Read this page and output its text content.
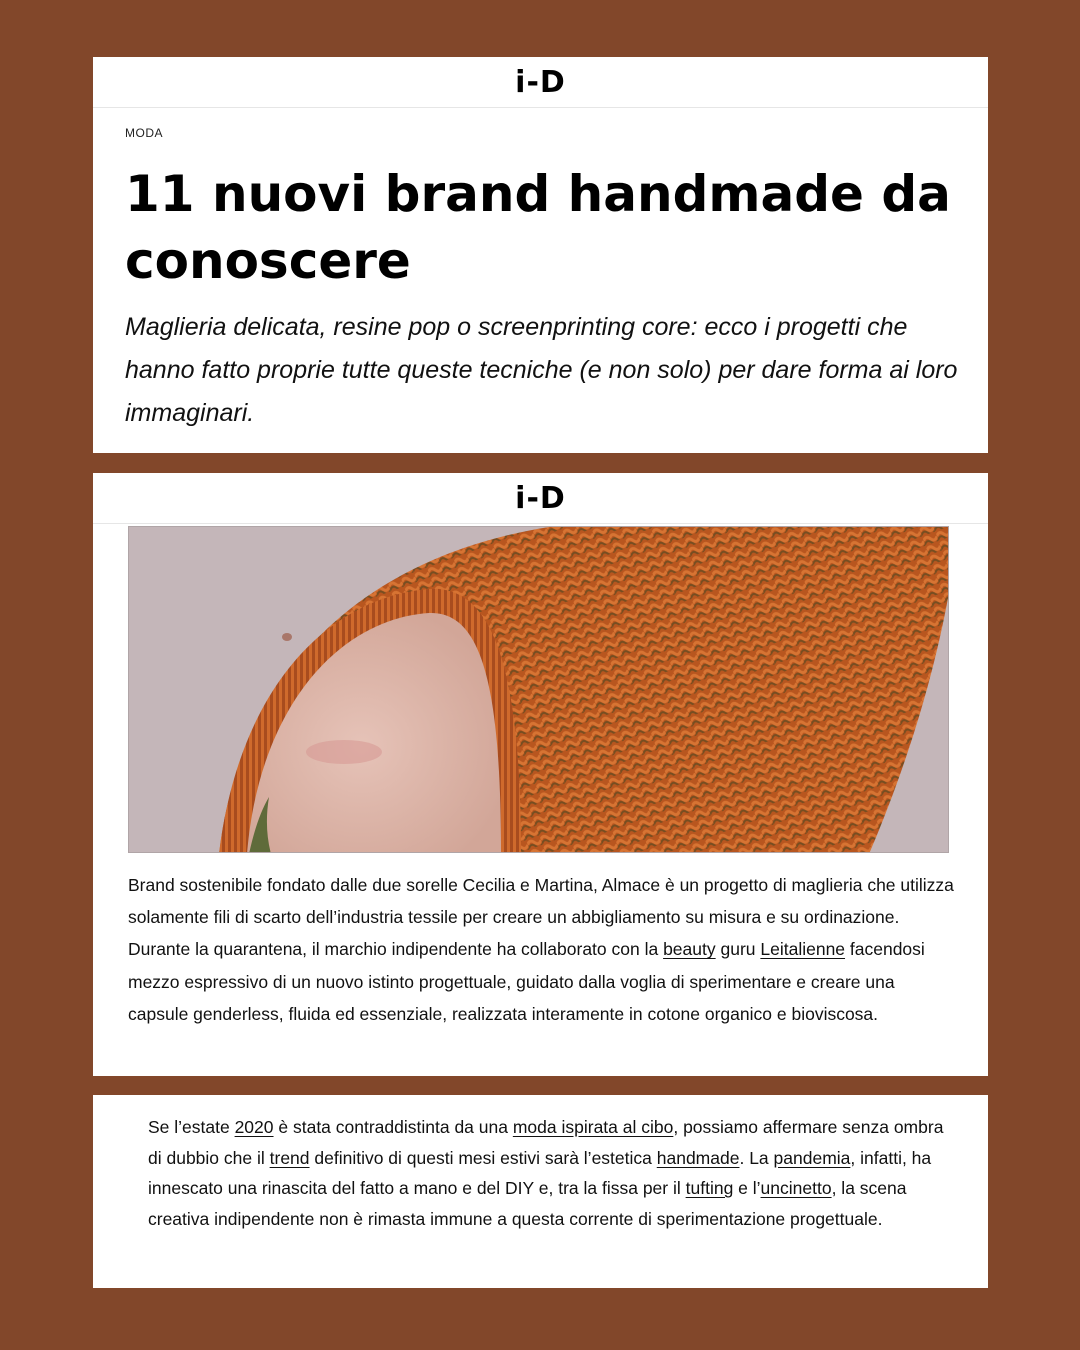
i-D
MODA
11 nuovi brand handmade da conoscere

Maglieria delicata, resine pop o screenprinting core: ecco i progetti che hanno fatto proprie tutte queste tecniche (e non solo) per dare forma ai loro immaginari.

i-D

Brand sostenibile fondato dalle due sorelle Cecilia e Martina, Almace è un progetto di maglieria che utilizza solamente fili di scarto dell’industria tessile per creare un abbigliamento su misura e su ordinazione. Durante la quarantena, il marchio indipendente ha collaborato con la beauty guru Leitalienne facendosi mezzo espressivo di un nuovo istinto progettuale, guidato dalla voglia di sperimentare e creare una capsule genderless, fluida ed essenziale, realizzata interamente in cotone organico e bioviscosa.

Se l’estate 2020 è stata contraddistinta da una moda ispirata al cibo, possiamo affermare senza ombra di dubbio che il trend definitivo di questi mesi estivi sarà l’estetica handmade. La pandemia, infatti, ha innescato una rinascita del fatto a mano e del DIY e, tra la fissa per il tufting e l’uncinetto, la scena creativa indipendente non è rimasta immune a questa corrente di sperimentazione progettuale.
